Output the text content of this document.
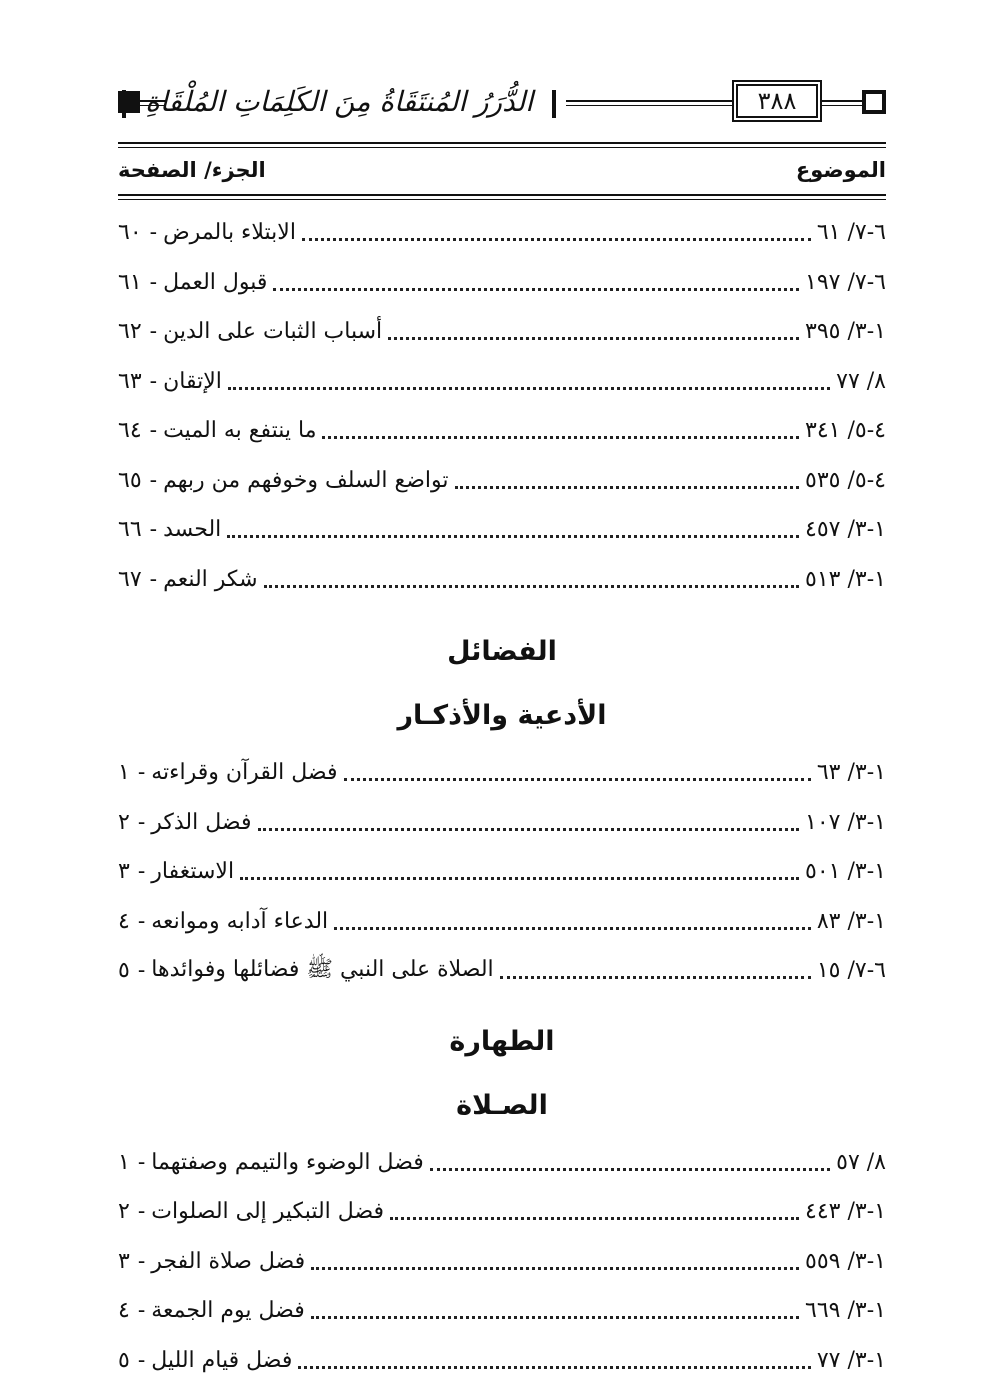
الدُّرَرُ المُنتَقَاةُ مِنَ الكَلِمَاتِ المُلْقَاةِ	٣٨٨
الموضوع
الجزء/ الصفحة
٦٠ - الابتلاء بالمرض	٦-٧/ ٦١
٦١ - قبول العمل	٦-٧/ ١٩٧
٦٢ - أسباب الثبات على الدين	١-٣/ ٣٩٥
٦٣ - الإتقان	٨/ ٧٧
٦٤ - ما ينتفع به الميت	٤-٥/ ٣٤١
٦٥ - تواضع السلف وخوفهم من ربهم	٤-٥/ ٥٣٥
٦٦ - الحسد	١-٣/ ٤٥٧
٦٧ - شكر النعم	١-٣/ ٥١٣
الفضائل
الأدعية والأذكـار
١ - فضل القرآن وقراءته	١-٣/ ٦٣
٢ - فضل الذكر	١-٣/ ١٠٧
٣ - الاستغفار	١-٣/ ٥٠١
٤ - الدعاء آدابه وموانعه	١-٣/ ٨٣
٥ - الصلاة على النبي ﷺ فضائلها وفوائدها	٦-٧/ ١٥
الطهارة
الصـلاة
١ - فضل الوضوء والتيمم وصفتهما	٨/ ٥٧
٢ - فضل التبكير إلى الصلوات	١-٣/ ٤٤٣
٣ - فضل صلاة الفجر	١-٣/ ٥٥٩
٤ - فضل يوم الجمعة	١-٣/ ٦٦٩
٥ - فضل قيام الليل	١-٣/ ٧٧
